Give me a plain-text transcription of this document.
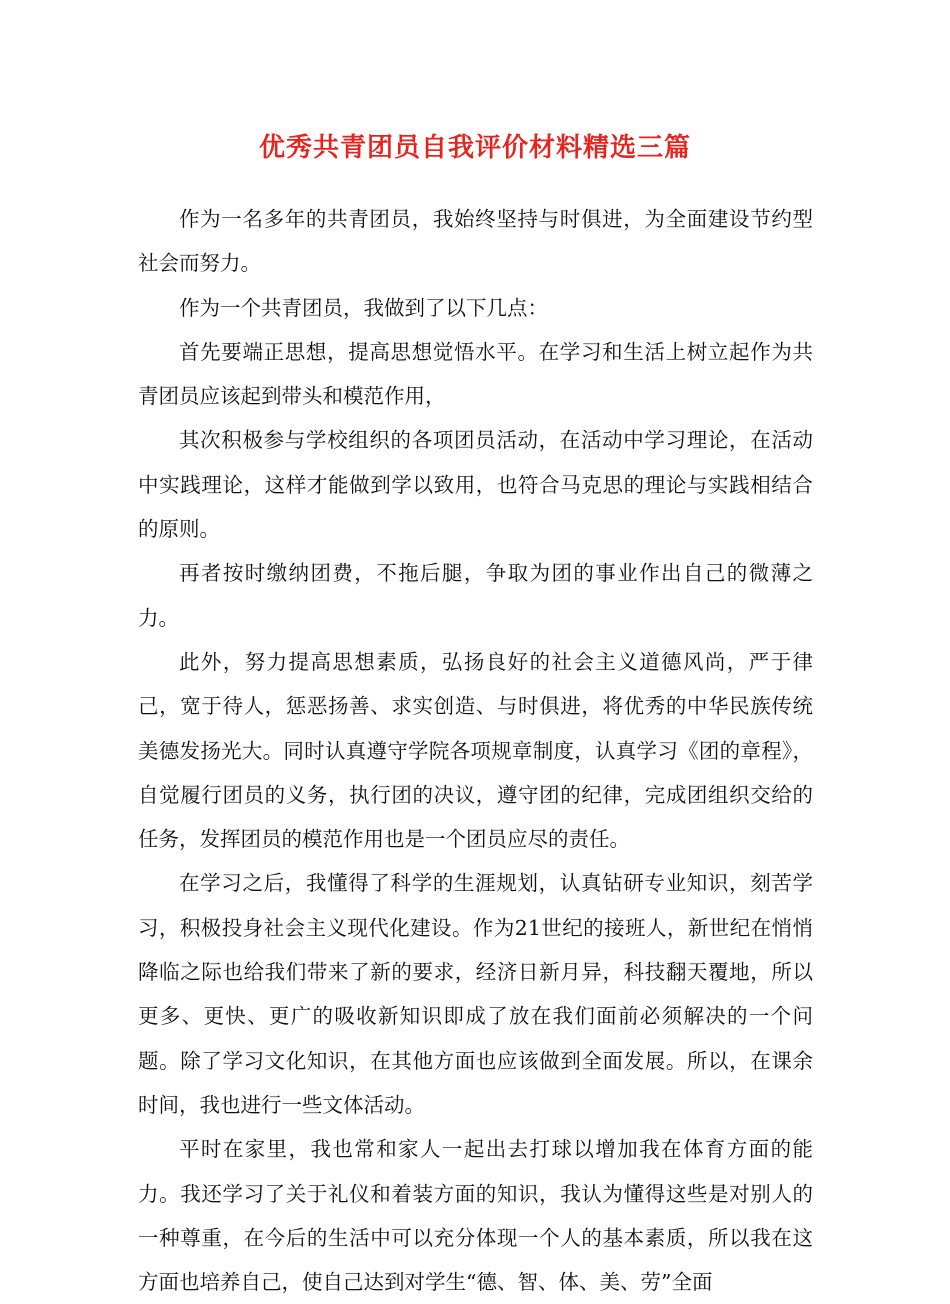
优秀共青团员自我评价材料精选三篇

作为一名多年的共青团员，我始终坚持与时俱进，为全面建设节约型社会而努力。

作为一个共青团员，我做到了以下几点：

首先要端正思想，提高思想觉悟水平。在学习和生活上树立起作为共青团员应该起到带头和模范作用，

其次积极参与学校组织的各项团员活动，在活动中学习理论，在活动中实践理论，这样才能做到学以致用，也符合马克思的理论与实践相结合的原则。

再者按时缴纳团费，不拖后腿，争取为团的事业作出自己的微薄之力。

此外，努力提高思想素质，弘扬良好的社会主义道德风尚，严于律己，宽于待人，惩恶扬善、求实创造、与时俱进，将优秀的中华民族传统美德发扬光大。同时认真遵守学院各项规章制度，认真学习《团的章程》，自觉履行团员的义务，执行团的决议，遵守团的纪律，完成团组织交给的任务，发挥团员的模范作用也是一个团员应尽的责任。

在学习之后，我懂得了科学的生涯规划，认真钻研专业知识，刻苦学习，积极投身社会主义现代化建设。作为21世纪的接班人，新世纪在悄悄降临之际也给我们带来了新的要求，经济日新月异，科技翻天覆地，所以更多、更快、更广的吸收新知识即成了放在我们面前必须解决的一个问题。除了学习文化知识，在其他方面也应该做到全面发展。所以，在课余时间，我也进行一些文体活动。

平时在家里，我也常和家人一起出去打球以增加我在体育方面的能力。我还学习了关于礼仪和着装方面的知识，我认为懂得这些是对别人的一种尊重，在今后的生活中可以充分体现一个人的基本素质，所以我在这方面也培养自己，使自己达到对学生“德、智、体、美、劳”全面
